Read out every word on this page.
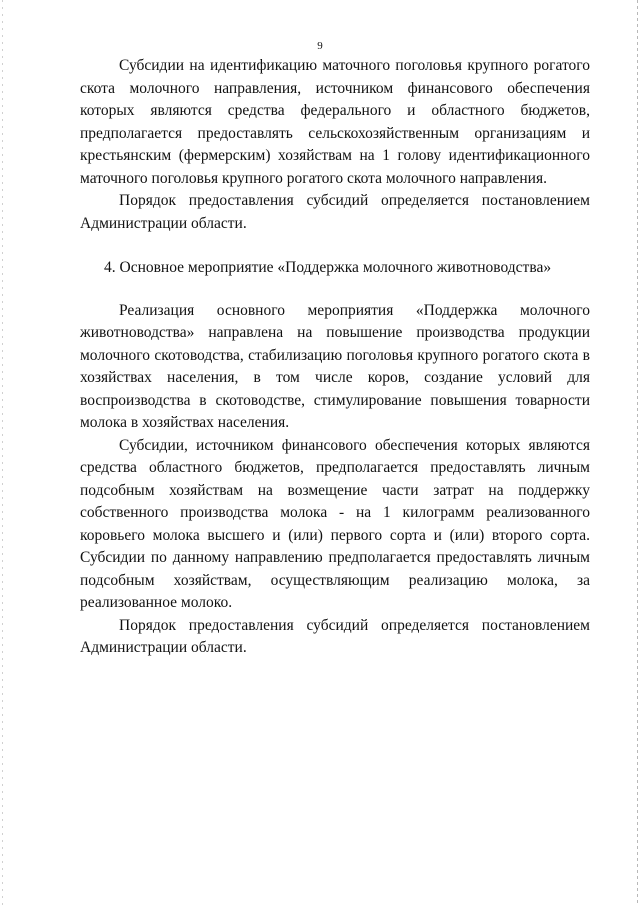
9

Субсидии на идентификацию маточного поголовья крупного рогатого скота молочного направления, источником финансового обеспечения которых являются средства федерального и областного бюджетов, предполагается предоставлять сельскохозяйственным организациям и крестьянским (фермерским) хозяйствам на 1 голову идентификационного маточного поголовья крупного рогатого скота молочного направления.

Порядок предоставления субсидий определяется постановлением Администрации области.

4. Основное мероприятие «Поддержка молочного животноводства»

Реализация основного мероприятия «Поддержка молочного животноводства» направлена на повышение производства продукции молочного скотоводства, стабилизацию поголовья крупного рогатого скота в хозяйствах населения, в том числе коров, создание условий для воспроизводства в скотоводстве, стимулирование повышения товарности молока в хозяйствах населения.

Субсидии, источником финансового обеспечения которых являются средства областного бюджетов, предполагается предоставлять личным подсобным хозяйствам на возмещение части затрат на поддержку собственного производства молока - на 1 килограмм реализованного коровьего молока высшего и (или) первого сорта и (или) второго сорта. Субсидии по данному направлению предполагается предоставлять личным подсобным хозяйствам, осуществляющим реализацию молока, за реализованное молоко.

Порядок предоставления субсидий определяется постановлением Администрации области.
